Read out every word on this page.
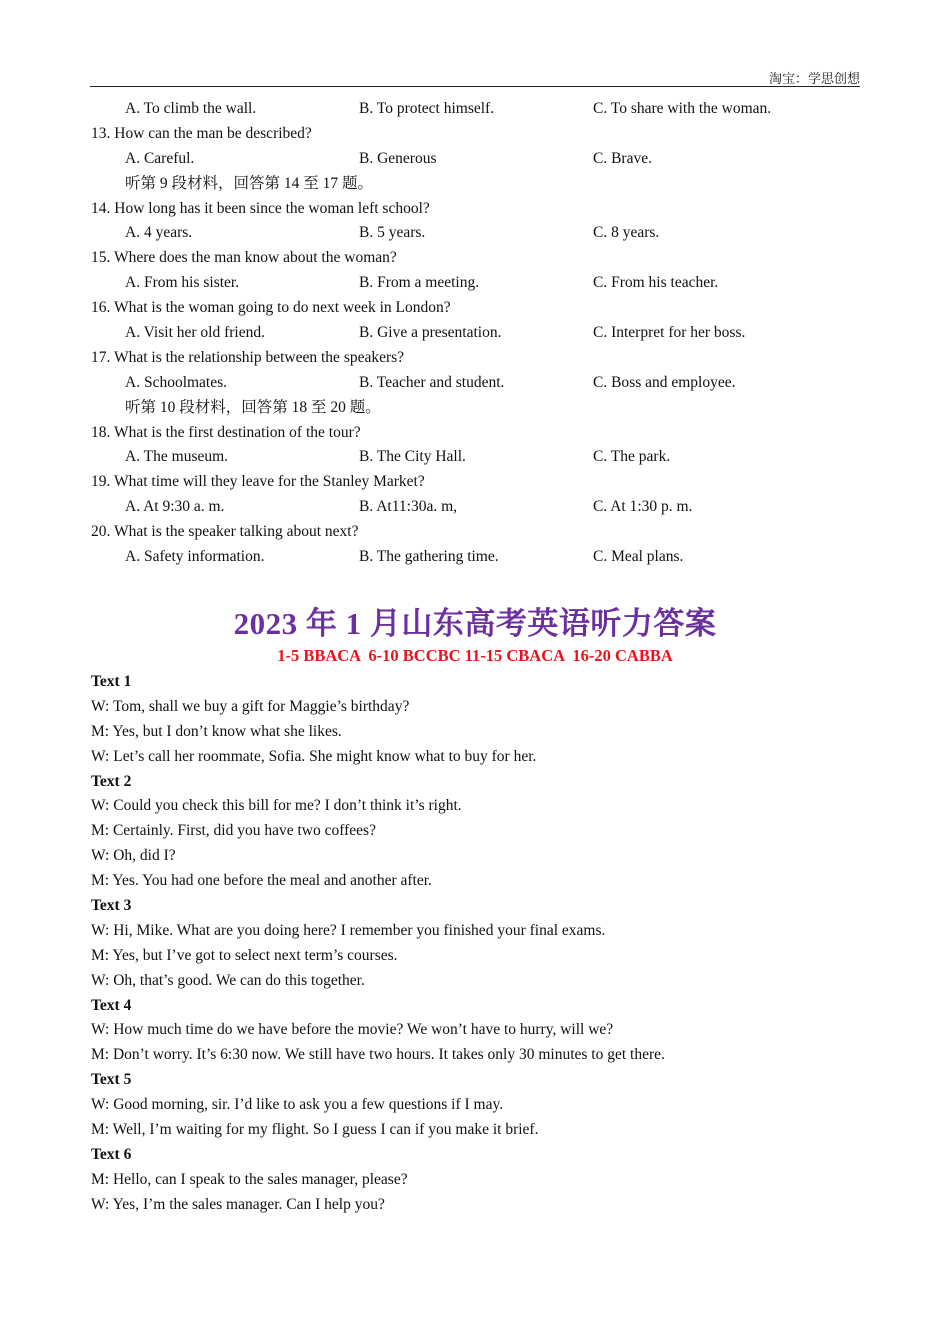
淘宝：学思创想
A. To climb the wall.	B. To protect himself.	C. To share with the woman.
13. How can the man be described?
A. Careful.	B. Generous	C. Brave.
听第 9 段材料，回答第 14 至 17 题。
14. How long has it been since the woman left school?
A. 4 years.	B. 5 years.	C. 8 years.
15. Where does the man know about the woman?
A. From his sister.	B. From a meeting.	C. From his teacher.
16. What is the woman going to do next week in London?
A. Visit her old friend.	B. Give a presentation.	C. Interpret for her boss.
17. What is the relationship between the speakers?
A. Schoolmates.	B. Teacher and student.	C. Boss and employee.
听第 10 段材料，回答第 18 至 20 题。
18. What is the first destination of the tour?
A. The museum.	B. The City Hall.	C. The park.
19. What time will they leave for the Stanley Market?
A. At 9:30 a. m.	B. At11:30a. m,	C. At 1:30 p. m.
20. What is the speaker talking about next?
A. Safety information.	B. The gathering time.	C. Meal plans.
2023 年 1 月山东高考英语听力答案
1-5 BBACA  6-10 BCCBC 11-15 CBACA  16-20 CABBA
Text 1
W: Tom, shall we buy a gift for Maggie’s birthday?
M: Yes, but I don’t know what she likes.
W: Let’s call her roommate, Sofia. She might know what to buy for her.
Text 2
W: Could you check this bill for me? I don’t think it’s right.
M: Certainly. First, did you have two coffees?
W: Oh, did I?
M: Yes. You had one before the meal and another after.
Text 3
W: Hi, Mike. What are you doing here? I remember you finished your final exams.
M: Yes, but I’ve got to select next term’s courses.
W: Oh, that’s good. We can do this together.
Text 4
W: How much time do we have before the movie? We won’t have to hurry, will we?
M: Don’t worry. It’s 6:30 now. We still have two hours. It takes only 30 minutes to get there.
Text 5
W: Good morning, sir. I’d like to ask you a few questions if I may.
M: Well, I’m waiting for my flight. So I guess I can if you make it brief.
Text 6
M: Hello, can I speak to the sales manager, please?
W: Yes, I’m the sales manager. Can I help you?
